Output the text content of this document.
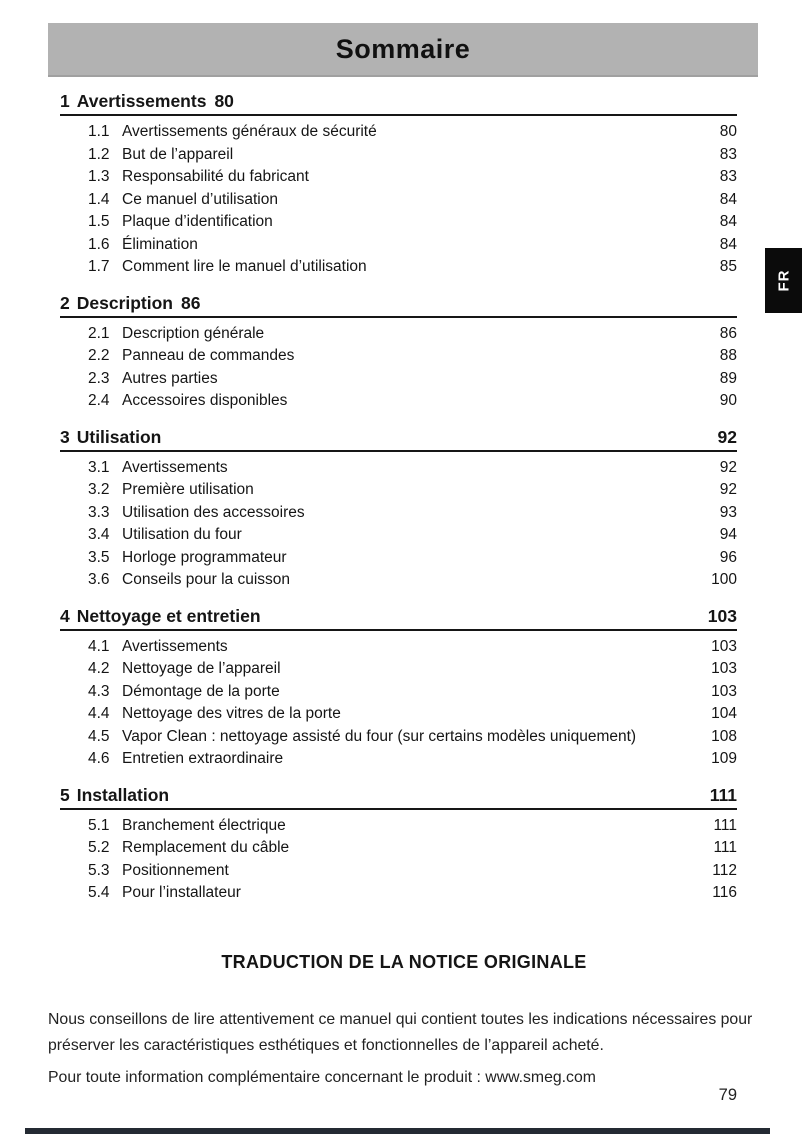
Sommaire
FR
1 Avertissements 80
1.1 Avertissements généraux de sécurité	80
1.2 But de l’appareil	83
1.3 Responsabilité du fabricant	83
1.4 Ce manuel d’utilisation	84
1.5 Plaque d’identification	84
1.6 Élimination	84
1.7 Comment lire le manuel d’utilisation	85
2 Description 86
2.1 Description générale	86
2.2 Panneau de commandes	88
2.3 Autres parties	89
2.4 Accessoires disponibles	90
3 Utilisation	92
3.1 Avertissements	92
3.2 Première utilisation	92
3.3 Utilisation des accessoires	93
3.4 Utilisation du four	94
3.5 Horloge programmateur	96
3.6 Conseils pour la cuisson	100
4 Nettoyage et entretien	103
4.1 Avertissements	103
4.2 Nettoyage de l’appareil	103
4.3 Démontage de la porte	103
4.4 Nettoyage des vitres de la porte	104
4.5 Vapor Clean : nettoyage assisté du four (sur certains modèles uniquement)	108
4.6 Entretien extraordinaire	109
5 Installation	111
5.1 Branchement électrique	111
5.2 Remplacement du câble	111
5.3 Positionnement	112
5.4 Pour l’installateur	116
TRADUCTION DE LA NOTICE ORIGINALE

Nous conseillons de lire attentivement ce manuel qui contient toutes les indications nécessaires pour préserver les caractéristiques esthétiques et fonctionnelles de l’appareil acheté.

Pour toute information complémentaire concernant le produit : www.smeg.com

79
